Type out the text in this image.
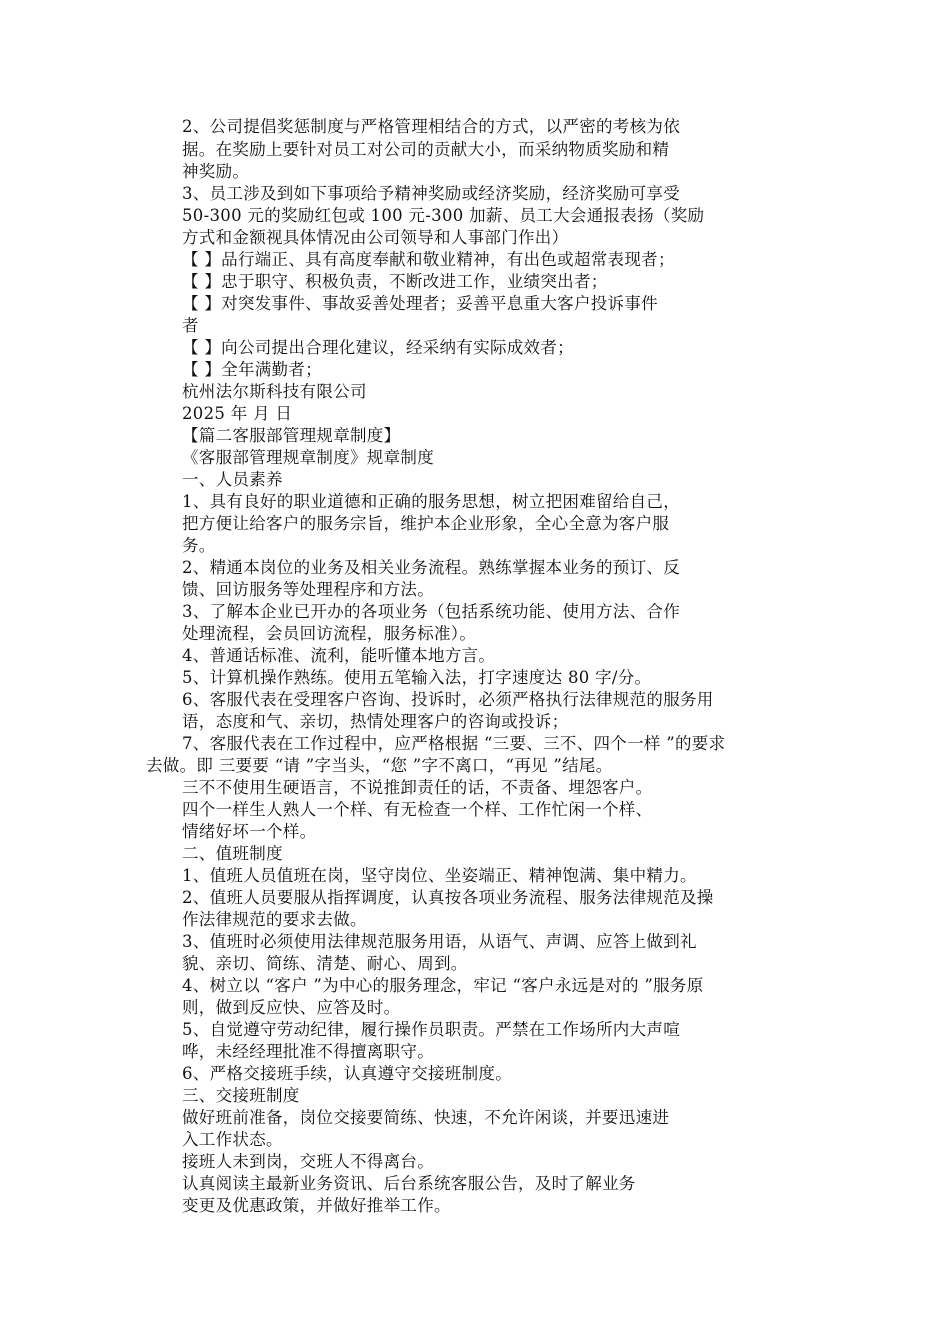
2、公司提倡奖惩制度与严格管理相结合的方式，以严密的考核为依

据。在奖励上要针对员工对公司的贡献大小，而采纳物质奖励和精

神奖励。

3、员工涉及到如下事项给予精神奖励或经济奖励，经济奖励可享受

50-300 元的奖励红包或 100 元-300 加薪、员工大会通报表扬（奖励

方式和金额视具体情况由公司领导和人事部门作出）

【 】品行端正、具有高度奉献和敬业精神，有出色或超常表现者；

【 】忠于职守、积极负责，不断改进工作，业绩突出者；

【 】对突发事件、事故妥善处理者；妥善平息重大客户投诉事件

者

【 】向公司提出合理化建议，经采纳有实际成效者；

【 】全年满勤者；

杭州法尔斯科技有限公司

2025 年 月 日

【篇二客服部管理规章制度】

《客服部管理规章制度》规章制度

一、人员素养

1、具有良好的职业道德和正确的服务思想，树立把困难留给自己，

把方便让给客户的服务宗旨，维护本企业形象，全心全意为客户服

务。

2、精通本岗位的业务及相关业务流程。熟练掌握本业务的预订、反

馈、回访服务等处理程序和方法。

3、了解本企业已开办的各项业务（包括系统功能、使用方法、合作

处理流程，会员回访流程，服务标准）。

4、普通话标准、流利，能听懂本地方言。

5、计算机操作熟练。使用五笔输入法，打字速度达 80 字/分。

6、客服代表在受理客户咨询、投诉时，必须严格执行法律规范的服务用

语，态度和气、亲切，热情处理客户的咨询或投诉；

7、客服代表在工作过程中，应严格根据 “三要、三不、四个一样 ”的要求

去做。即 三要要 “请 ”字当头，“您 ”字不离口，“再见 ”结尾。

三不不使用生硬语言，不说推卸责任的话，不责备、埋怨客户。

四个一样生人熟人一个样、有无检查一个样、工作忙闲一个样、

情绪好坏一个样。

二、值班制度

1、值班人员值班在岗，坚守岗位、坐姿端正、精神饱满、集中精力。

2、值班人员要服从指挥调度，认真按各项业务流程、服务法律规范及操

作法律规范的要求去做。

3、值班时必须使用法律规范服务用语，从语气、声调、应答上做到礼

貌、亲切、简练、清楚、耐心、周到。

4、树立以 “客户 ”为中心的服务理念，牢记 “客户永远是对的 ”服务原

则，做到反应快、应答及时。

5、自觉遵守劳动纪律，履行操作员职责。严禁在工作场所内大声喧

哗，未经经理批准不得擅离职守。

6、严格交接班手续，认真遵守交接班制度。

三、交接班制度

做好班前准备，岗位交接要简练、快速，不允许闲谈，并要迅速进

入工作状态。

接班人未到岗，交班人不得离台。

认真阅读主最新业务资讯、后台系统客服公告，及时了解业务

变更及优惠政策，并做好推举工作。
